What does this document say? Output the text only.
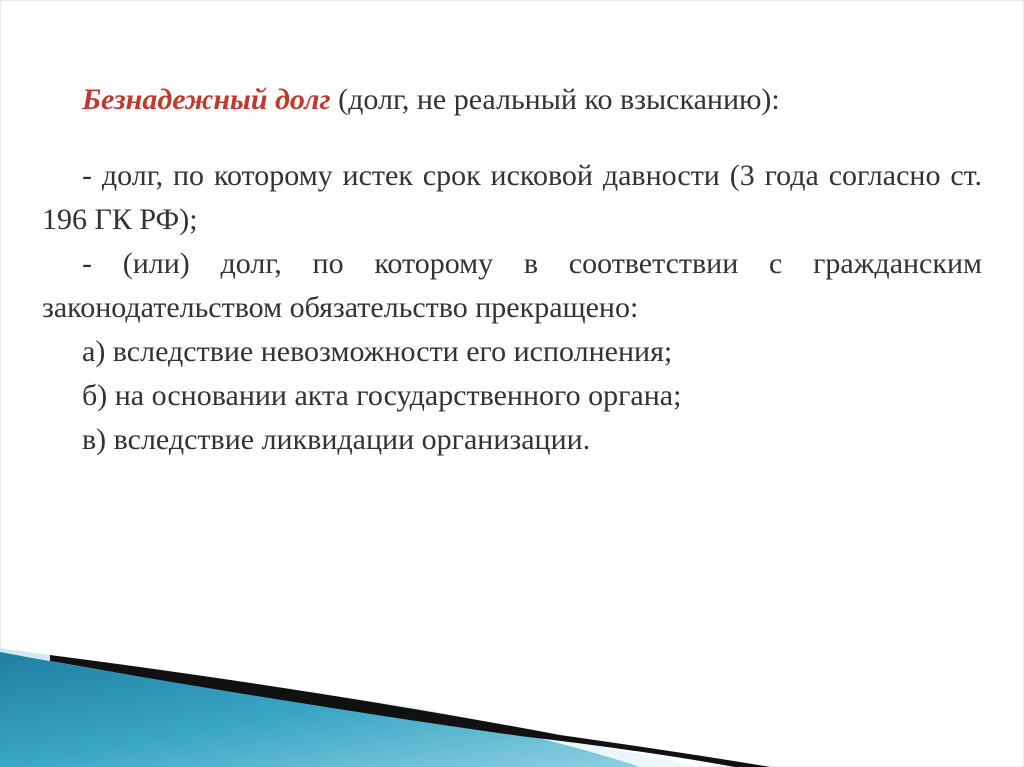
Безнадежный долг (долг, не реальный ко взысканию):

- долг, по которому истек срок исковой давности (3 года согласно ст. 196 ГК РФ);

- (или) долг, по которому в соответствии с гражданским законодательством обязательство прекращено:

а) вследствие невозможности его исполнения;

б) на основании акта государственного органа;

в) вследствие ликвидации организации.
